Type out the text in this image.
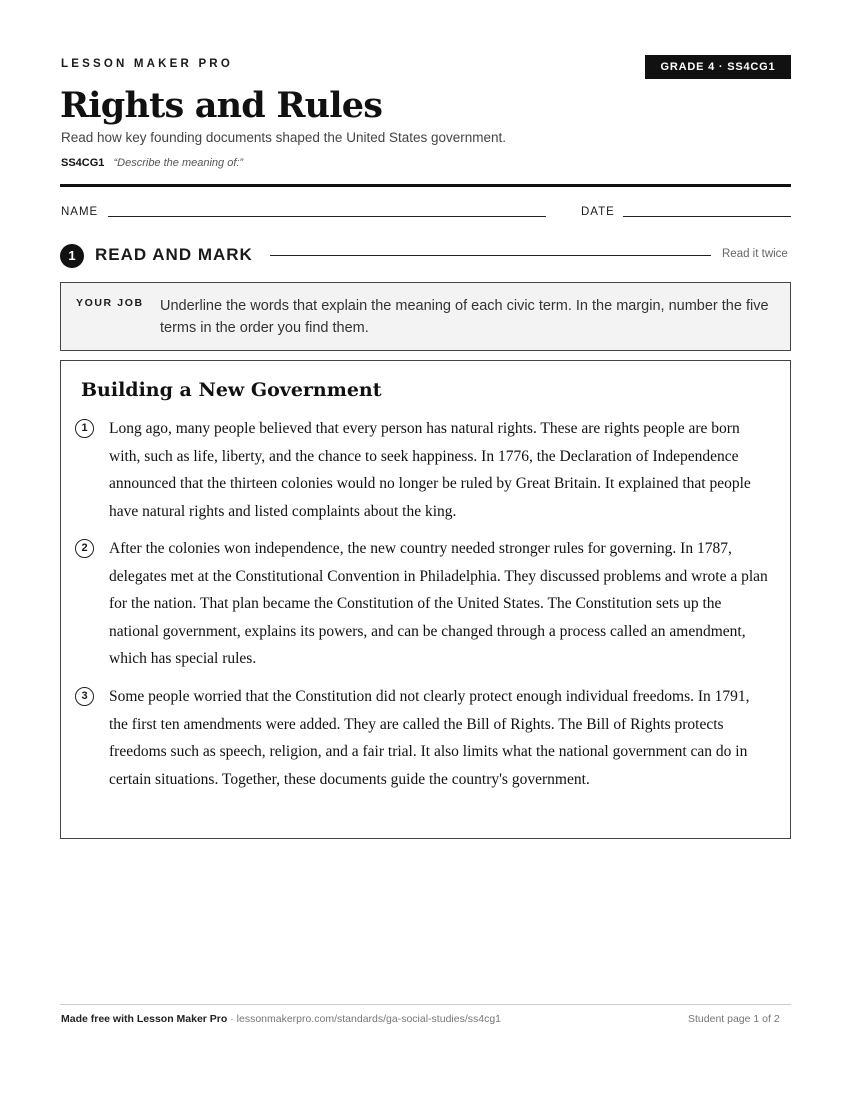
LESSON MAKER PRO	GRADE 4 · SS4CG1
Rights and Rules
Read how key founding documents shaped the United States government.
SS4CG1 “Describe the meaning of:”
NAME	DATE
1	READ AND MARK	Read it twice
YOUR JOB Underline the words that explain the meaning of each civic term. In the margin, number the five terms in the order you find them.
Building a New Government
1	Long ago, many people believed that every person has natural rights. These are rights people are born with, such as life, liberty, and the chance to seek happiness. In 1776, the Declaration of Independence announced that the thirteen colonies would no longer be ruled by Great Britain. It explained that people have natural rights and listed complaints about the king.
2	After the colonies won independence, the new country needed stronger rules for governing. In 1787, delegates met at the Constitutional Convention in Philadelphia. They discussed problems and wrote a plan for the nation. That plan became the Constitution of the United States. The Constitution sets up the national government, explains its powers, and can be changed through a process called an amendment, which has special rules.
3	Some people worried that the Constitution did not clearly protect enough individual freedoms. In 1791, the first ten amendments were added. They are called the Bill of Rights. The Bill of Rights protects freedoms such as speech, religion, and a fair trial. It also limits what the national government can do in certain situations. Together, these documents guide the country's government.
Made free with Lesson Maker Pro · lessonmakerpro.com/standards/ga-social-studies/ss4cg1	Student page 1 of 2
